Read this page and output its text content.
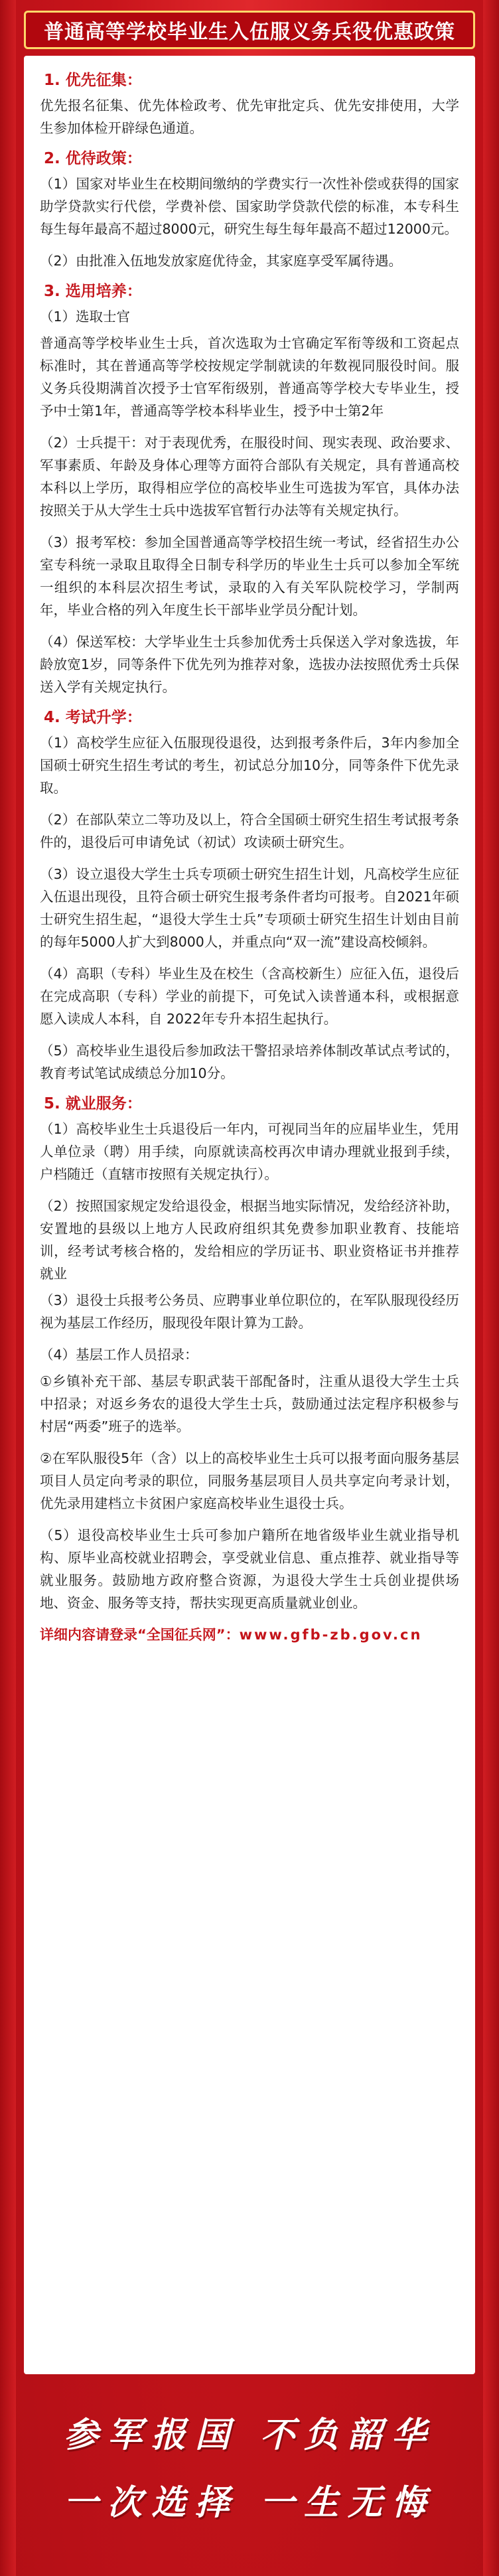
普通高等学校毕业生入伍服义务兵役优惠政策
1. 优先征集：

优先报名征集、优先体检政考、优先审批定兵、优先安排使用，大学生参加体检开辟绿色通道。

2. 优待政策：

（1）国家对毕业生在校期间缴纳的学费实行一次性补偿或获得的国家助学贷款实行代偿，学费补偿、国家助学贷款代偿的标准，本专科生每生每年最高不超过8000元，研究生每生每年最高不超过12000元。

（2）由批准入伍地发放家庭优待金，其家庭享受军属待遇。

3. 选用培养：

（1）选取士官

普通高等学校毕业生士兵，首次选取为士官确定军衔等级和工资起点标准时，其在普通高等学校按规定学制就读的年数视同服役时间。服义务兵役期满首次授予士官军衔级别，普通高等学校大专毕业生，授予中士第1年，普通高等学校本科毕业生，授予中士第2年

（2）士兵提干：对于表现优秀，在服役时间、现实表现、政治要求、军事素质、年龄及身体心理等方面符合部队有关规定，具有普通高校本科以上学历，取得相应学位的高校毕业生可选拔为军官，具体办法按照关于从大学生士兵中选拔军官暂行办法等有关规定执行。

（3）报考军校：参加全国普通高等学校招生统一考试，经省招生办公室专科统一录取且取得全日制专科学历的毕业生士兵可以参加全军统一组织的本科层次招生考试，录取的入有关军队院校学习，学制两年，毕业合格的列入年度生长干部毕业学员分配计划。

（4）保送军校：大学毕业生士兵参加优秀士兵保送入学对象选拔，年龄放宽1岁，同等条件下优先列为推荐对象，选拔办法按照优秀士兵保送入学有关规定执行。

4. 考试升学：

（1）高校学生应征入伍服现役退役，达到报考条件后，3年内参加全国硕士研究生招生考试的考生，初试总分加10分，同等条件下优先录取。

（2）在部队荣立二等功及以上，符合全国硕士研究生招生考试报考条件的，退役后可申请免试（初试）攻读硕士研究生。

（3）设立退役大学生士兵专项硕士研究生招生计划，凡高校学生应征入伍退出现役，且符合硕士研究生报考条件者均可报考。自2021年硕士研究生招生起，“退役大学生士兵”专项硕士研究生招生计划由目前的每年5000人扩大到8000人，并重点向“双一流”建设高校倾斜。

（4）高职（专科）毕业生及在校生（含高校新生）应征入伍，退役后在完成高职（专科）学业的前提下，可免试入读普通本科，或根据意愿入读成人本科，自 2022年专升本招生起执行。

（5）高校毕业生退役后参加政法干警招录培养体制改革试点考试的，教育考试笔试成绩总分加10分。

5. 就业服务：

（1）高校毕业生士兵退役后一年内，可视同当年的应届毕业生，凭用人单位录（聘）用手续，向原就读高校再次申请办理就业报到手续，户档随迁（直辖市按照有关规定执行）。

（2）按照国家规定发给退役金，根据当地实际情况，发给经济补助，安置地的县级以上地方人民政府组织其免费参加职业教育、技能培训，经考试考核合格的，发给相应的学历证书、职业资格证书并推荐就业

（3）退役士兵报考公务员、应聘事业单位职位的，在军队服现役经历视为基层工作经历，服现役年限计算为工龄。

（4）基层工作人员招录：

①乡镇补充干部、基层专职武装干部配备时，注重从退役大学生士兵中招录；对返乡务农的退役大学生士兵，鼓励通过法定程序积极参与村居“两委”班子的选举。

②在军队服役5年（含）以上的高校毕业生士兵可以报考面向服务基层项目人员定向考录的职位，同服务基层项目人员共享定向考录计划，优先录用建档立卡贫困户家庭高校毕业生退役士兵。

（5）退役高校毕业生士兵可参加户籍所在地省级毕业生就业指导机构、原毕业高校就业招聘会，享受就业信息、重点推荐、就业指导等就业服务。鼓励地方政府整合资源，为退役大学生士兵创业提供场地、资金、服务等支持，帮扶实现更高质量就业创业。

详细内容请登录“全国征兵网”：www.gfb-zb.gov.cn
参军报国 不负韶华
一次选择 一生无悔
